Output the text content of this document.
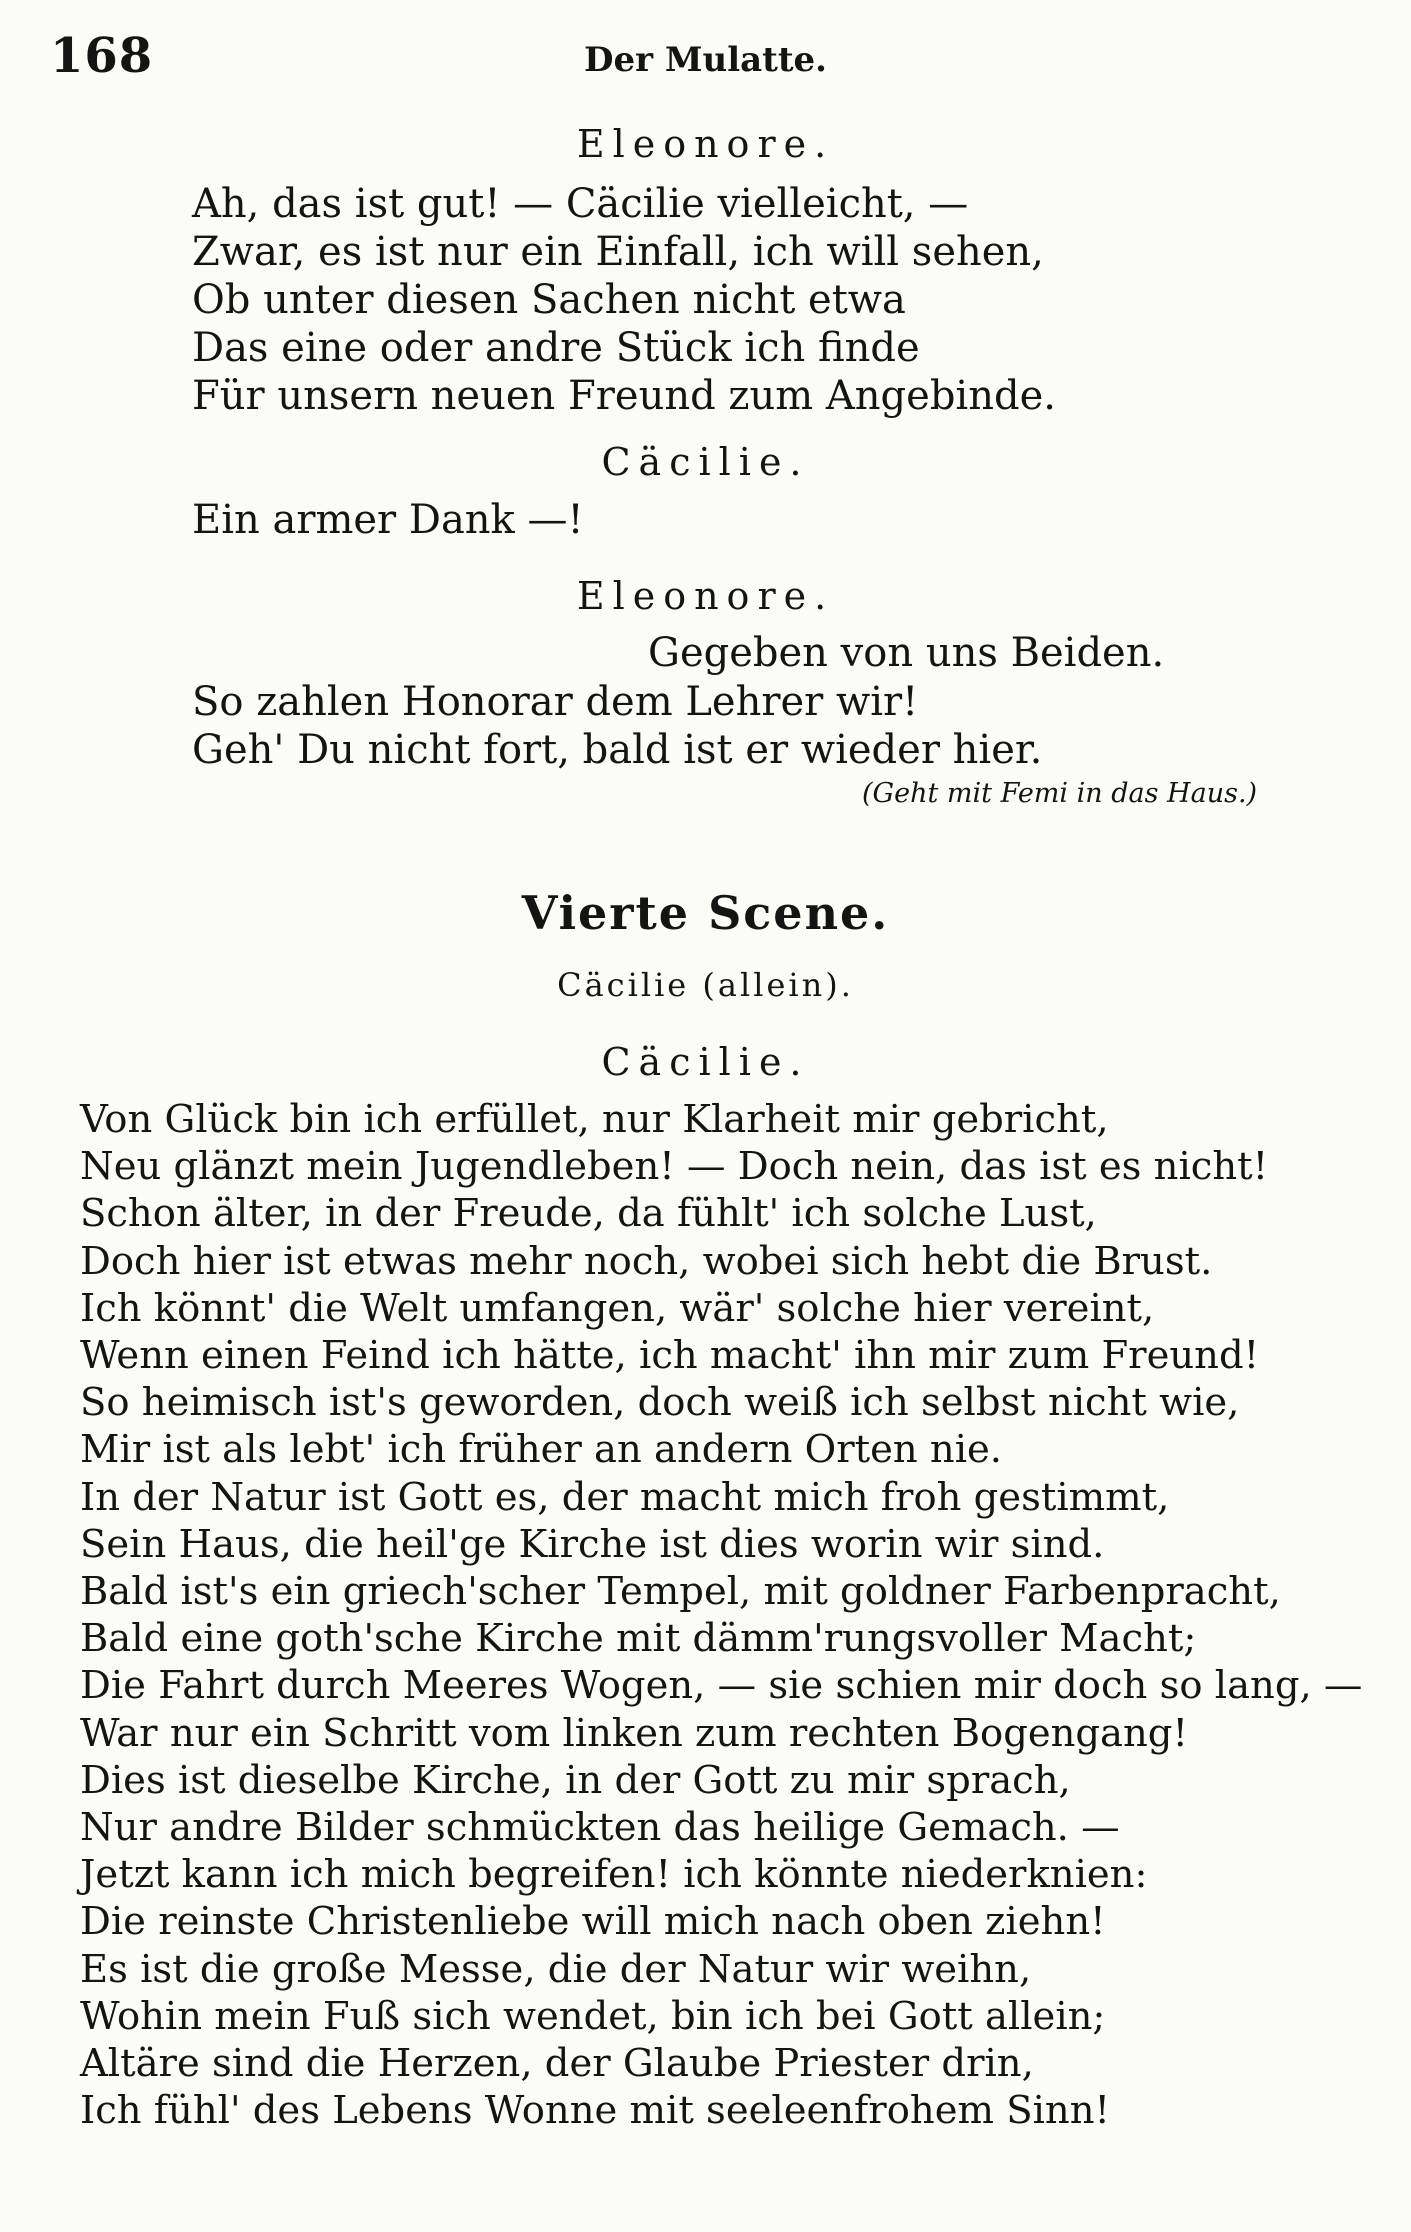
168	Der Mulatte.
Eleonore.
Ah, das ist gut! — Cäcilie vielleicht, —
Zwar, es ist nur ein Einfall, ich will sehen,
Ob unter diesen Sachen nicht etwa
Das eine oder andre Stück ich finde
Für unsern neuen Freund zum Angebinde.
Cäcilie.
Ein armer Dank —!
Eleonore.
Gegeben von uns Beiden.
So zahlen Honorar dem Lehrer wir!
Geh' Du nicht fort, bald ist er wieder hier.
(Geht mit Femi in das Haus.)
Vierte Scene.
Cäcilie (allein).
Cäcilie.
Von Glück bin ich erfüllet, nur Klarheit mir gebricht,
Neu glänzt mein Jugendleben! — Doch nein, das ist es nicht!
Schon älter, in der Freude, da fühlt' ich solche Lust,
Doch hier ist etwas mehr noch, wobei sich hebt die Brust.
Ich könnt' die Welt umfangen, wär' solche hier vereint,
Wenn einen Feind ich hätte, ich macht' ihn mir zum Freund!
So heimisch ist's geworden, doch weiß ich selbst nicht wie,
Mir ist als lebt' ich früher an andern Orten nie.
In der Natur ist Gott es, der macht mich froh gestimmt,
Sein Haus, die heil'ge Kirche ist dies worin wir sind.
Bald ist's ein griech'scher Tempel, mit goldner Farbenpracht,
Bald eine goth'sche Kirche mit dämm'rungsvoller Macht;
Die Fahrt durch Meeres Wogen, — sie schien mir doch so lang, —
War nur ein Schritt vom linken zum rechten Bogengang!
Dies ist dieselbe Kirche, in der Gott zu mir sprach,
Nur andre Bilder schmückten das heilige Gemach. —
Jetzt kann ich mich begreifen! ich könnte niederknien:
Die reinste Christenliebe will mich nach oben ziehn!
Es ist die große Messe, die der Natur wir weihn,
Wohin mein Fuß sich wendet, bin ich bei Gott allein;
Altäre sind die Herzen, der Glaube Priester drin,
Ich fühl' des Lebens Wonne mit seeleenfrohem Sinn!
